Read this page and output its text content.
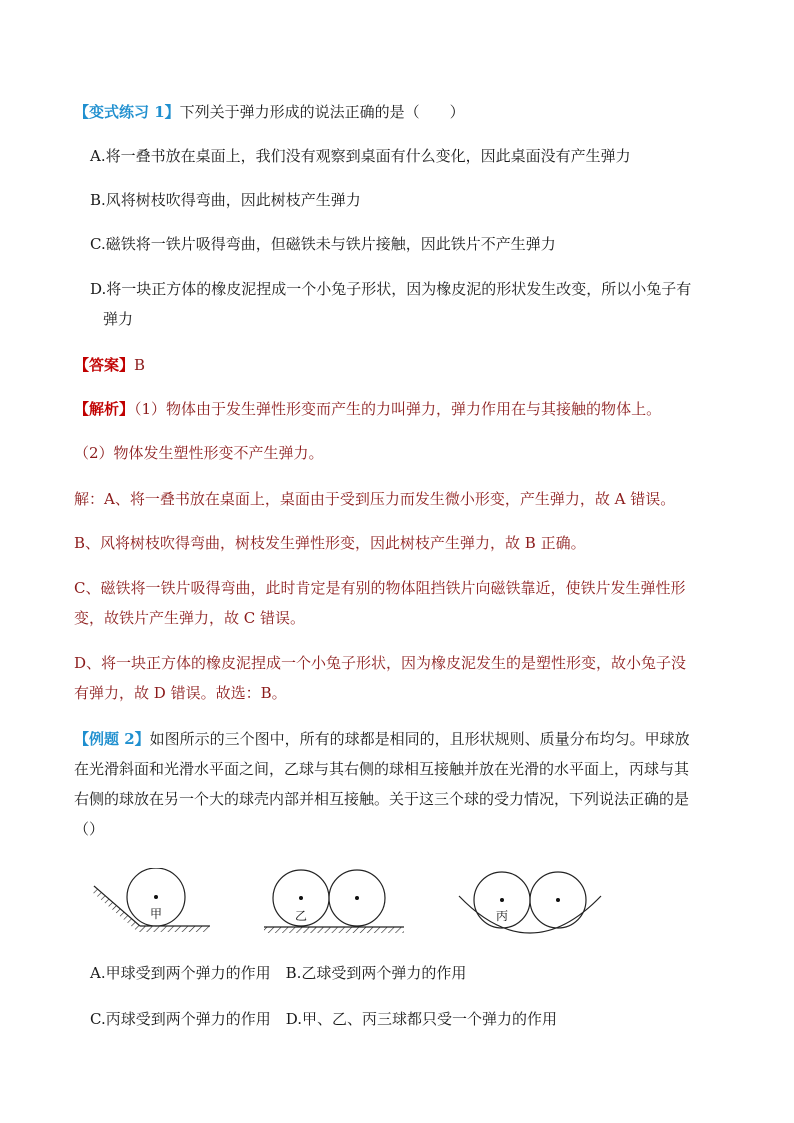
【变式练习 1】下列关于弹力形成的说法正确的是（　　）
A.将一叠书放在桌面上，我们没有观察到桌面有什么变化，因此桌面没有产生弹力
B.风将树枝吹得弯曲，因此树枝产生弹力
C.磁铁将一铁片吸得弯曲，但磁铁未与铁片接触，因此铁片不产生弹力
D.将一块正方体的橡皮泥捏成一个小兔子形状，因为橡皮泥的形状发生改变，所以小兔子有
弹力
【答案】B
【解析】（1）物体由于发生弹性形变而产生的力叫弹力，弹力作用在与其接触的物体上。
（2）物体发生塑性形变不产生弹力。
解：A、将一叠书放在桌面上，桌面由于受到压力而发生微小形变，产生弹力，故 A 错误。
B、风将树枝吹得弯曲，树枝发生弹性形变，因此树枝产生弹力，故 B 正确。
C、磁铁将一铁片吸得弯曲，此时肯定是有别的物体阻挡铁片向磁铁靠近，使铁片发生弹性形
变，故铁片产生弹力，故 C 错误。
D、将一块正方体的橡皮泥捏成一个小兔子形状，因为橡皮泥发生的是塑性形变，故小兔子没
有弹力，故 D 错误。故选：B。
【例题 2】如图所示的三个图中，所有的球都是相同的，且形状规则、质量分布均匀。甲球放
在光滑斜面和光滑水平面之间，乙球与其右侧的球相互接触并放在光滑的水平面上，丙球与其
右侧的球放在另一个大的球壳内部并相互接触。关于这三个球的受力情况，下列说法正确的是
（）
甲	乙	丙
A.甲球受到两个弹力的作用　B.乙球受到两个弹力的作用
C.丙球受到两个弹力的作用　D.甲、乙、丙三球都只受一个弹力的作用
